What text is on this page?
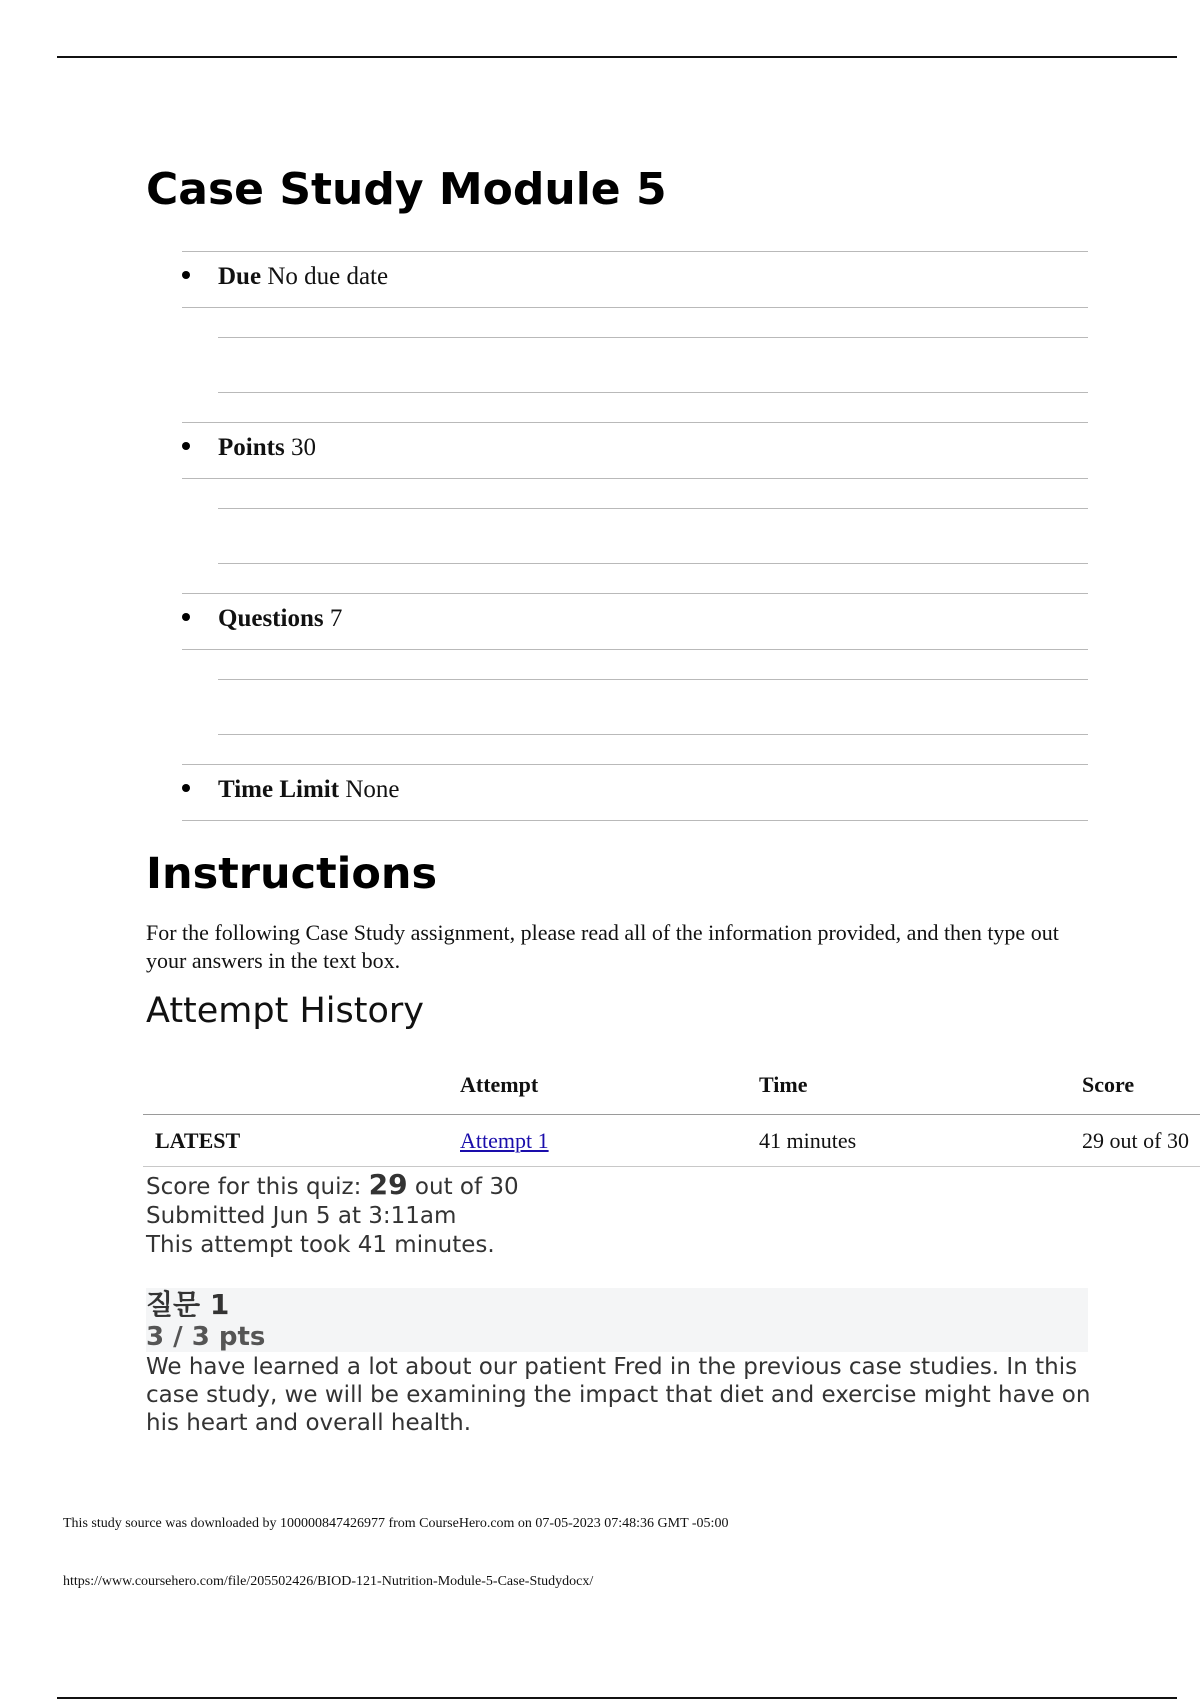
Case Study Module 5
Due No due date
Points 30
Questions 7
Time Limit None
Instructions

For the following Case Study assignment, please read all of the information provided, and then type out your answers in the text box.

Attempt History
	Attempt	Time	Score
LATEST	Attempt 1	41 minutes	29 out of 30
Score for this quiz: 29 out of 30
Submitted Jun 5 at 3:11am
This attempt took 41 minutes.
질문 1
3 / 3 pts

We have learned a lot about our patient Fred in the previous case studies. In this case study, we will be examining the impact that diet and exercise might have on his heart and overall health.

This study source was downloaded by 100000847426977 from CourseHero.com on 07-05-2023 07:48:36 GMT -05:00

https://www.coursehero.com/file/205502426/BIOD-121-Nutrition-Module-5-Case-Studydocx/
